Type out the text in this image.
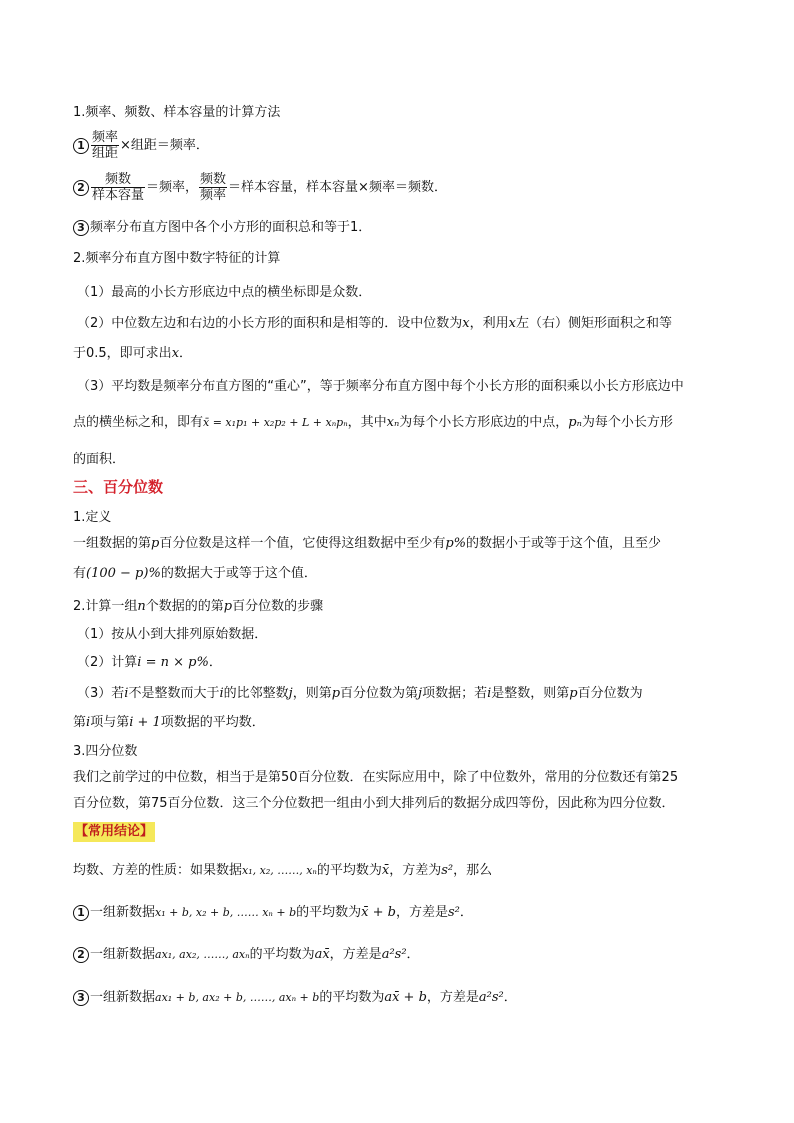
1.频率、频数、样本容量的计算方法
$1 \frac{\text{频率}}{\text{组距}}$ ×组距＝频率．
$2 \frac{\text{频数}}{\text{样本容量}}$ ＝频率， $\frac{\text{频数}}{\text{频率}}$ ＝样本容量，样本容量×频率＝频数．
3 频率分布直方图中各个小方形的面积总和等于1．
2.频率分布直方图中数字特征的计算
（1）最高的小长方形底边中点的横坐标即是众数．
（2）中位数左边和右边的小长方形的面积和是相等的．设中位数为x，利用x左（右）侧矩形面积之和等
于0.5，即可求出x．
（3）平均数是频率分布直方图的“重心”，等于频率分布直方图中每个小长方形的面积乘以小长方形底边中
点的横坐标之和，即有x̄ = x₁p₁ + x₂p₂ + L + xₙpₙ，其中xₙ为每个小长方形底边的中点，pₙ为每个小长方形
的面积．
三、百分位数
1.定义
一组数据的第p百分位数是这样一个值，它使得这组数据中至少有p%的数据小于或等于这个值，且至少
有(100 − p)%的数据大于或等于这个值．
2.计算一组n个数据的的第p百分位数的步骤
（1）按从小到大排列原始数据．
（2）计算i = n × p%．
（3）若i不是整数而大于i的比邻整数j，则第p百分位数为第j项数据；若i是整数，则第p百分位数为
第i项与第i + 1项数据的平均数．
3.四分位数
我们之前学过的中位数，相当于是第50百分位数．在实际应用中，除了中位数外，常用的分位数还有第25
百分位数，第75百分位数．这三个分位数把一组由小到大排列后的数据分成四等份，因此称为四分位数．
【常用结论】
均数、方差的性质：如果数据x₁, x₂, ……, xₙ的平均数为x̄，方差为s²，那么
1 一组新数据x₁ + b, x₂ + b, …… xₙ + b的平均数为x̄ + b，方差是s²．
2 一组新数据ax₁, ax₂, ……, axₙ的平均数为ax̄，方差是a²s²．
3 一组新数据ax₁ + b, ax₂ + b, ……, axₙ + b的平均数为ax̄ + b，方差是a²s²．
